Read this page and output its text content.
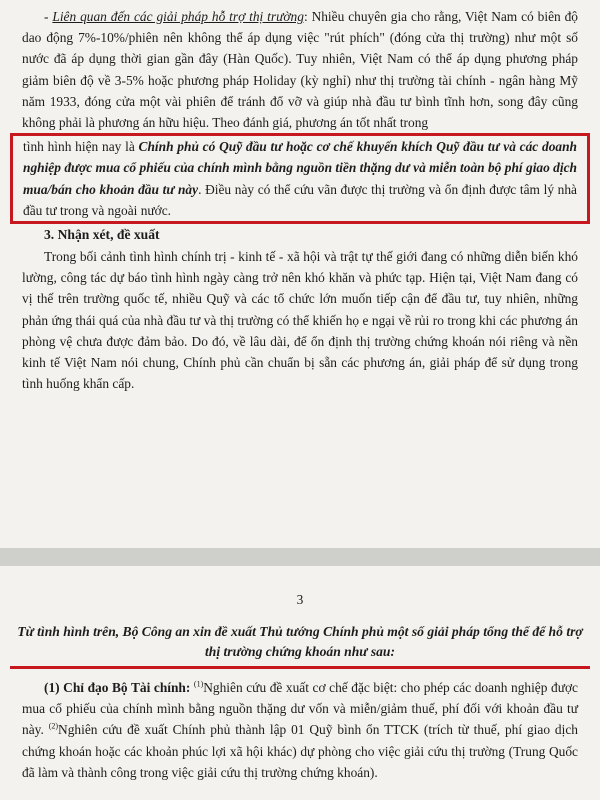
- Liên quan đến các giải pháp hỗ trợ thị trường: Nhiều chuyên gia cho rằng, Việt Nam có biên độ dao động 7%-10%/phiên nên không thể áp dụng việc "rút phích" (đóng cửa thị trường) như một số nước đã áp dụng thời gian gần đây (Hàn Quốc). Tuy nhiên, Việt Nam có thể áp dụng phương pháp giảm biên độ về 3-5% hoặc phương pháp Holiday (kỳ nghỉ) như thị trường tài chính - ngân hàng Mỹ năm 1933, đóng cửa một vài phiên để tránh đổ vỡ và giúp nhà đầu tư bình tĩnh hơn, song đây cũng không phải là phương án hữu hiệu. Theo đánh giá, phương án tốt nhất trong

tình hình hiện nay là Chính phủ có Quỹ đầu tư hoặc cơ chế khuyến khích Quỹ đầu tư và các doanh nghiệp được mua cổ phiếu của chính mình bằng nguồn tiền thặng dư và miễn toàn bộ phí giao dịch mua/bán cho khoản đầu tư này. Điều này có thể cứu vãn được thị trường và ổn định được tâm lý nhà đầu tư trong và ngoài nước.

3. Nhận xét, đề xuất

Trong bối cảnh tình hình chính trị - kinh tế - xã hội và trật tự thế giới đang có những diễn biến khó lường, công tác dự báo tình hình ngày càng trở nên khó khăn và phức tạp. Hiện tại, Việt Nam đang có vị thế trên trường quốc tế, nhiều Quỹ và các tổ chức lớn muốn tiếp cận để đầu tư, tuy nhiên, những phản ứng thái quá của nhà đầu tư và thị trường có thể khiến họ e ngại về rủi ro trong khi các phương án phòng vệ chưa được đảm bảo. Do đó, về lâu dài, để ổn định thị trường chứng khoán nói riêng và nền kinh tế Việt Nam nói chung, Chính phủ cần chuẩn bị sẵn các phương án, giải pháp để sử dụng trong tình huống khẩn cấp.

3
Từ tình hình trên, Bộ Công an xin đề xuất Thủ tướng Chính phủ một số giải pháp tổng thể để hỗ trợ thị trường chứng khoán như sau:

(1) Chỉ đạo Bộ Tài chính: $^{(1)}$Nghiên cứu đề xuất cơ chế đặc biệt: cho phép các doanh nghiệp được mua cổ phiếu của chính mình bằng nguồn thặng dư vốn và miễn/giảm thuế, phí đối với khoản đầu tư này. $^{(2)}$Nghiên cứu đề xuất Chính phủ thành lập 01 Quỹ bình ổn TTCK (trích từ thuế, phí giao dịch chứng khoán hoặc các khoản phúc lợi xã hội khác) dự phòng cho việc giải cứu thị trường (Trung Quốc đã làm và thành công trong việc giải cứu thị trường chứng khoán).
